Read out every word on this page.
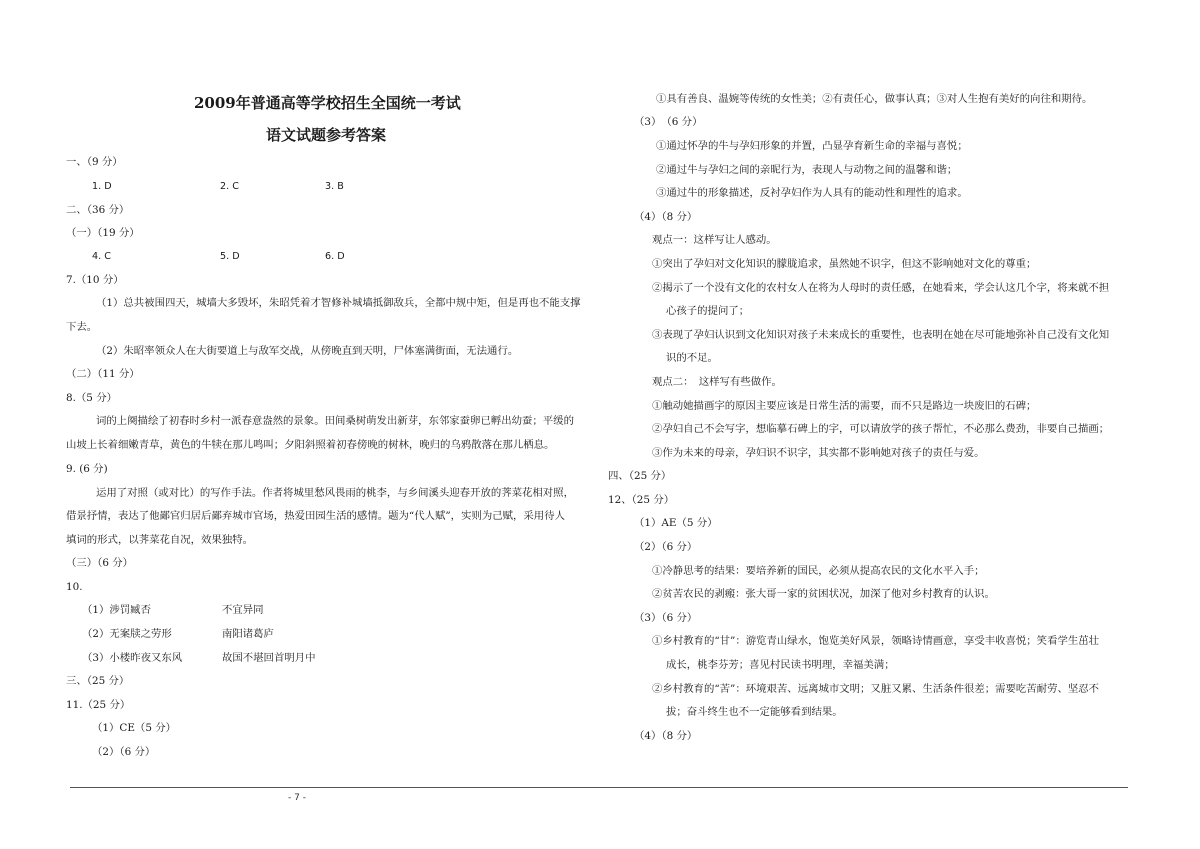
2009年普通高等学校招生全国统一考试
语文试题参考答案
一、（9 分）
1. D	2. C	3. B
二、（36 分）
（一）（19 分）
4. C	5. D	6. D
7.（10 分）
（1）总共被围四天，城墙大多毁坏，朱昭凭着才智修补城墙抵御敌兵，全都中规中矩，但是再也不能支撑
下去。
（2）朱昭率领众人在大街要道上与敌军交战，从傍晚直到天明，尸体塞满街面，无法通行。
（二）（11 分）
8.（5 分）
词的上阕描绘了初春时乡村一派春意盎然的景象。田间桑树萌发出新芽，东邻家蚕卵已孵出幼蚕；平缓的
山坡上长着细嫩青草，黄色的牛犊在那儿鸣叫；夕阳斜照着初春傍晚的树林，晚归的乌鸦散落在那儿栖息。
9. (6 分)
运用了对照（或对比）的写作手法。作者将城里愁风畏雨的桃李，与乡间溪头迎春开放的荠菜花相对照，
借景抒情，表达了他鄙官归居后鄙弃城市官场，热爱田园生活的感情。题为“代人赋”，实则为己赋，采用待人
填词的形式，以荠菜花自况，效果独特。
（三）（6 分）
10.
（1）涉罚臧否	不宜异同
（2）无案牍之劳形	南阳诸葛庐
（3）小楼昨夜又东风	故国不堪回首明月中
三、（25 分）
11.（25 分）
（1）CE（5 分）
（2）（6 分）
①具有善良、温婉等传统的女性美；②有责任心，做事认真；③对人生抱有美好的向往和期待。
（3）　（6 分）
①通过怀孕的牛与孕妇形象的并置，凸显孕育新生命的幸福与喜悦；
②通过牛与孕妇之间的亲昵行为，表现人与动物之间的温馨和谐；
③通过牛的形象描述，反衬孕妇作为人具有的能动性和理性的追求。
（4）（8 分）
观点一：这样写让人感动。
①突出了孕妇对文化知识的朦胧追求，虽然她不识字，但这不影响她对文化的尊重；
②揭示了一个没有文化的农村女人在将为人母时的责任感，在她看来，学会认这几个字，将来就不担
心孩子的提问了；
③表现了孕妇认识到文化知识对孩子未来成长的重要性，也表明在她在尽可能地弥补自己没有文化知
识的不足。
观点二：　这样写有些做作。
①触动她描画字的原因主要应该是日常生活的需要，而不只是路边一块废旧的石碑；
②孕妇自己不会写字，想临摹石碑上的字，可以请放学的孩子帮忙，不必那么费劲，非要自己描画；
③作为未来的母亲，孕妇识不识字，其实都不影响她对孩子的责任与爱。
四、（25 分）
12、（25 分）
（1）AE（5 分）
（2）（6 分）
①冷静思考的结果：要培养新的国民，必须从提高农民的文化水平入手；
②贫苦农民的剥瘢：张大哥一家的贫困状况，加深了他对乡村教育的认识。
（3）（6 分）
①乡村教育的“甘”：游览青山绿水，饱览美好风景，领略诗情画意，享受丰收喜悦；笑看学生茁壮
成长，桃李芬芳；喜见村民读书明理，幸福美满；
②乡村教育的“苦”：环境艰苦、远离城市文明；又脏又累、生活条件很差；需要吃苦耐劳、坚忍不
拔；奋斗终生也不一定能够看到结果。
（4）（8 分）
- 7 -
